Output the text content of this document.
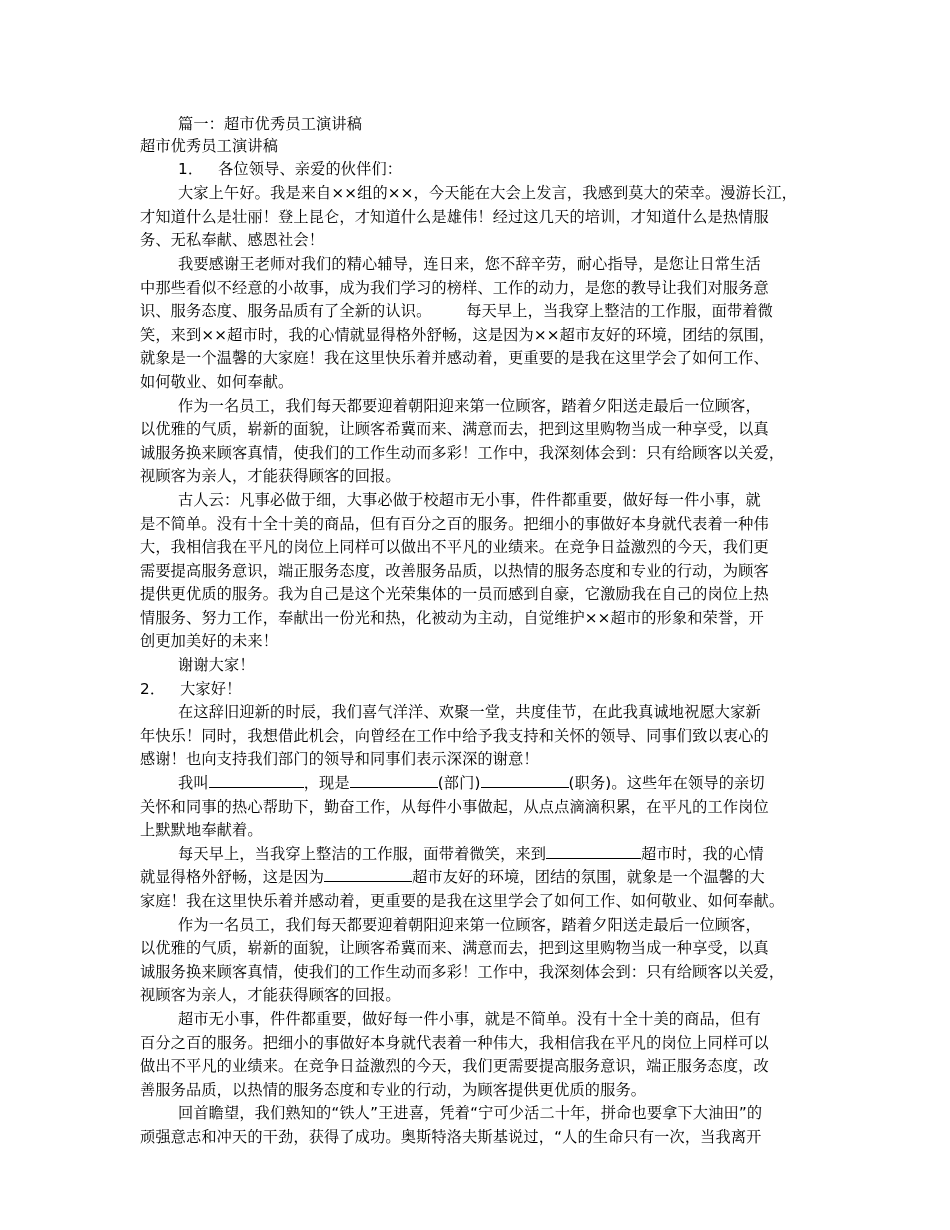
篇一：超市优秀员工演讲稿
超市优秀员工演讲稿
1． 各位领导、亲爱的伙伴们：
大家上午好。我是来自××组的××，今天能在大会上发言，我感到莫大的荣幸。漫游长江，
才知道什么是壮丽！登上昆仑，才知道什么是雄伟！经过这几天的培训，才知道什么是热情服
务、无私奉献、感恩社会！
我要感谢王老师对我们的精心辅导，连日来，您不辞辛劳，耐心指导，是您让日常生活
中那些看似不经意的小故事，成为我们学习的榜样、工作的动力，是您的教导让我们对服务意
识、服务态度、服务品质有了全新的认识。       每天早上，当我穿上整洁的工作服，面带着微
笑，来到××超市时，我的心情就显得格外舒畅，这是因为××超市友好的环境，团结的氛围，
就象是一个温馨的大家庭！我在这里快乐着并感动着，更重要的是我在这里学会了如何工作、
如何敬业、如何奉献。
作为一名员工，我们每天都要迎着朝阳迎来第一位顾客，踏着夕阳送走最后一位顾客，
以优雅的气质，崭新的面貌，让顾客希冀而来、满意而去，把到这里购物当成一种享受，以真
诚服务换来顾客真情，使我们的工作生动而多彩！工作中，我深刻体会到：只有给顾客以关爱，
视顾客为亲人，才能获得顾客的回报。
古人云：凡事必做于细，大事必做于校超市无小事，件件都重要，做好每一件小事，就
是不简单。没有十全十美的商品，但有百分之百的服务。把细小的事做好本身就代表着一种伟
大，我相信我在平凡的岗位上同样可以做出不平凡的业绩来。在竞争日益激烈的今天，我们更
需要提高服务意识，端正服务态度，改善服务品质，以热情的服务态度和专业的行动，为顾客
提供更优质的服务。我为自己是这个光荣集体的一员而感到自豪，它激励我在自己的岗位上热
情服务、努力工作，奉献出一份光和热，化被动为主动，自觉维护××超市的形象和荣誉，开
创更加美好的未来！
谢谢大家！
2． 大家好！
在这辞旧迎新的时辰，我们喜气洋洋、欢聚一堂，共度佳节，在此我真诚地祝愿大家新
年快乐！同时，我想借此机会，向曾经在工作中给予我支持和关怀的领导、同事们致以衷心的
感谢！也向支持我们部门的领导和同事们表示深深的谢意！
我叫	，现是	(部门)	(职务)。这些年在领导的亲切
关怀和同事的热心帮助下，勤奋工作，从每件小事做起，从点点滴滴积累，在平凡的工作岗位
上默默地奉献着。
每天早上，当我穿上整洁的工作服，面带着微笑，来到	超市时，我的心情
就显得格外舒畅，这是因为	超市友好的环境，团结的氛围，就象是一个温馨的大
家庭！我在这里快乐着并感动着，更重要的是我在这里学会了如何工作、如何敬业、如何奉献。
作为一名员工，我们每天都要迎着朝阳迎来第一位顾客，踏着夕阳送走最后一位顾客，
以优雅的气质，崭新的面貌，让顾客希冀而来、满意而去，把到这里购物当成一种享受，以真
诚服务换来顾客真情，使我们的工作生动而多彩！工作中，我深刻体会到：只有给顾客以关爱，
视顾客为亲人，才能获得顾客的回报。
超市无小事，件件都重要，做好每一件小事，就是不简单。没有十全十美的商品，但有
百分之百的服务。把细小的事做好本身就代表着一种伟大，我相信我在平凡的岗位上同样可以
做出不平凡的业绩来。在竞争日益激烈的今天，我们更需要提高服务意识，端正服务态度，改
善服务品质，以热情的服务态度和专业的行动，为顾客提供更优质的服务。
回首瞻望，我们熟知的“铁人”王进喜，凭着“宁可少活二十年，拼命也要拿下大油田”的
顽强意志和冲天的干劲，获得了成功。奥斯特洛夫斯基说过，“人的生命只有一次，当我离开
